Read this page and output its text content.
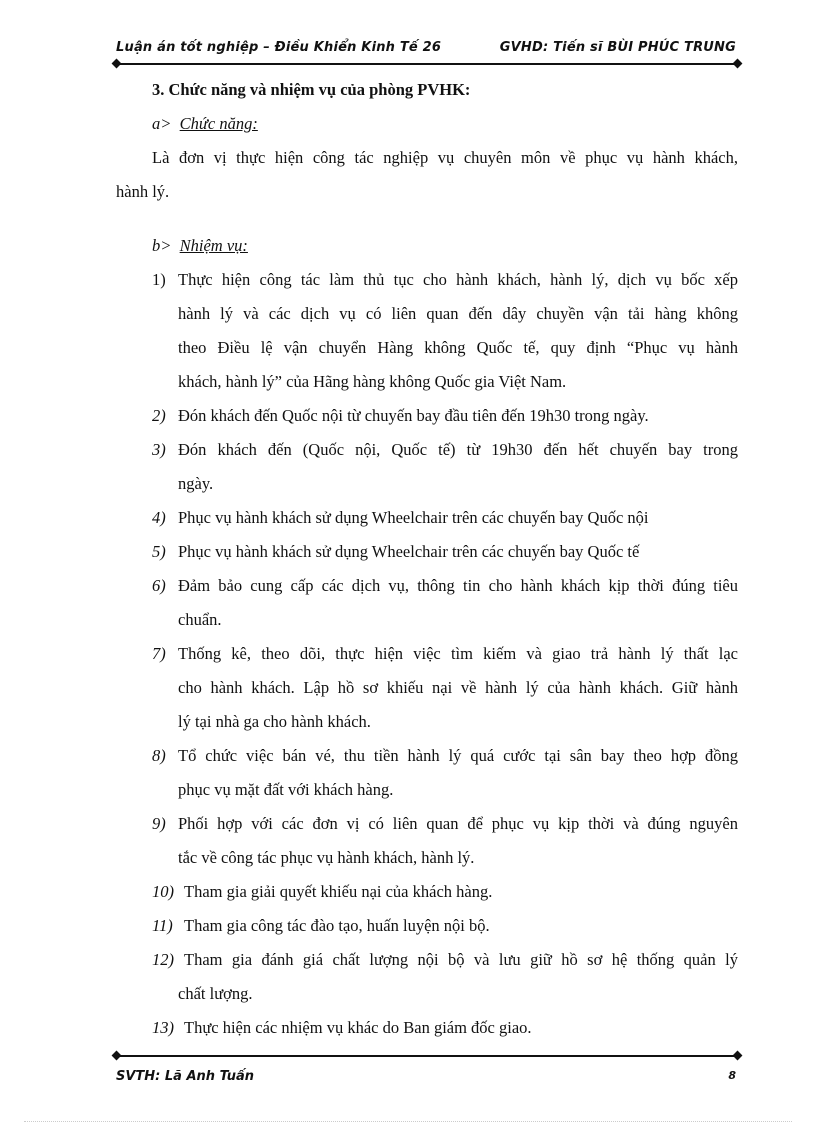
Luận án tốt nghiệp – Điều Khiển Kinh Tế 26	GVHD: Tiến sĩ BÙI PHÚC TRUNG
3. Chức năng và nhiệm vụ của phòng PVHK:
a> Chức năng:
Là đơn vị thực hiện công tác nghiệp vụ chuyên môn về phục vụ hành khách,
hành lý.
b> Nhiệm vụ:
1) Thực hiện công tác làm thủ tục cho hành khách, hành lý, dịch vụ bốc xếp
hành lý và các dịch vụ có liên quan đến dây chuyền vận tải hàng không
theo Điều lệ vận chuyển Hàng không Quốc tế, quy định “Phục vụ hành
khách, hành lý” của Hãng hàng không Quốc gia Việt Nam.
2) Đón khách đến Quốc nội từ chuyến bay đầu tiên đến 19h30 trong ngày.
3) Đón khách đến (Quốc nội, Quốc tế) từ 19h30 đến hết chuyến bay trong
ngày.
4) Phục vụ hành khách sử dụng Wheelchair trên các chuyến bay Quốc nội
5) Phục vụ hành khách sử dụng Wheelchair trên các chuyến bay Quốc tế
6) Đảm bảo cung cấp các dịch vụ, thông tin cho hành khách kịp thời đúng tiêu
chuẩn.
7) Thống kê, theo dõi, thực hiện việc tìm kiếm và giao trả hành lý thất lạc
cho hành khách. Lập hồ sơ khiếu nại về hành lý của hành khách. Giữ hành
lý tại nhà ga cho hành khách.
8) Tổ chức việc bán vé, thu tiền hành lý quá cước tại sân bay theo hợp đồng
phục vụ mặt đất với khách hàng.
9) Phối hợp với các đơn vị có liên quan để phục vụ kịp thời và đúng nguyên
tắc về công tác phục vụ hành khách, hành lý.
10) Tham gia giải quyết khiếu nại của khách hàng.
11) Tham gia công tác đào tạo, huấn luyện nội bộ.
12) Tham gia đánh giá chất lượng nội bộ và lưu giữ hồ sơ hệ thống quản lý
chất lượng.
13) Thực hiện các nhiệm vụ khác do Ban giám đốc giao.
SVTH: Lã Anh Tuấn	8
